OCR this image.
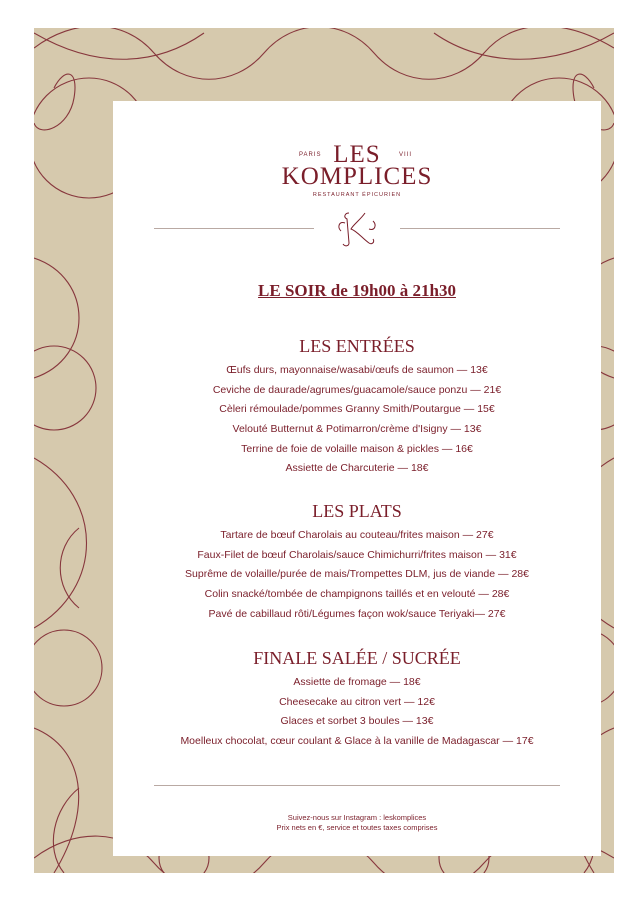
PARIS LES	VIII
KOMPLICES
RESTAURANT ÉPICURIEN
LE SOIR de 19h00 à 21h30
LES ENTRÉES
Œufs durs, mayonnaise/wasabi/œufs de saumon — 13€
Ceviche de daurade/agrumes/guacamole/sauce ponzu — 21€
Cèleri rémoulade/pommes Granny Smith/Poutargue — 15€
Velouté Butternut & Potimarron/crème d'Isigny — 13€
Terrine de foie de volaille maison & pickles — 16€
Assiette de Charcuterie — 18€
LES PLATS
Tartare de bœuf Charolais au couteau/frites maison — 27€
Faux-Filet de bœuf Charolais/sauce Chimichurri/frites maison — 31€
Suprême de volaille/purée de mais/Trompettes DLM, jus de viande — 28€
Colin snacké/tombée de champignons taillés et en velouté — 28€
Pavé de cabillaud rôti/Légumes façon wok/sauce Teriyaki— 27€
FINALE SALÉE / SUCRÉE
Assiette de fromage — 18€
Cheesecake au citron vert — 12€
Glaces et sorbet 3 boules — 13€
Moelleux chocolat, cœur coulant & Glace à la vanille de Madagascar — 17€
Suivez-nous sur Instagram : leskomplices
Prix nets en €, service et toutes taxes comprises
